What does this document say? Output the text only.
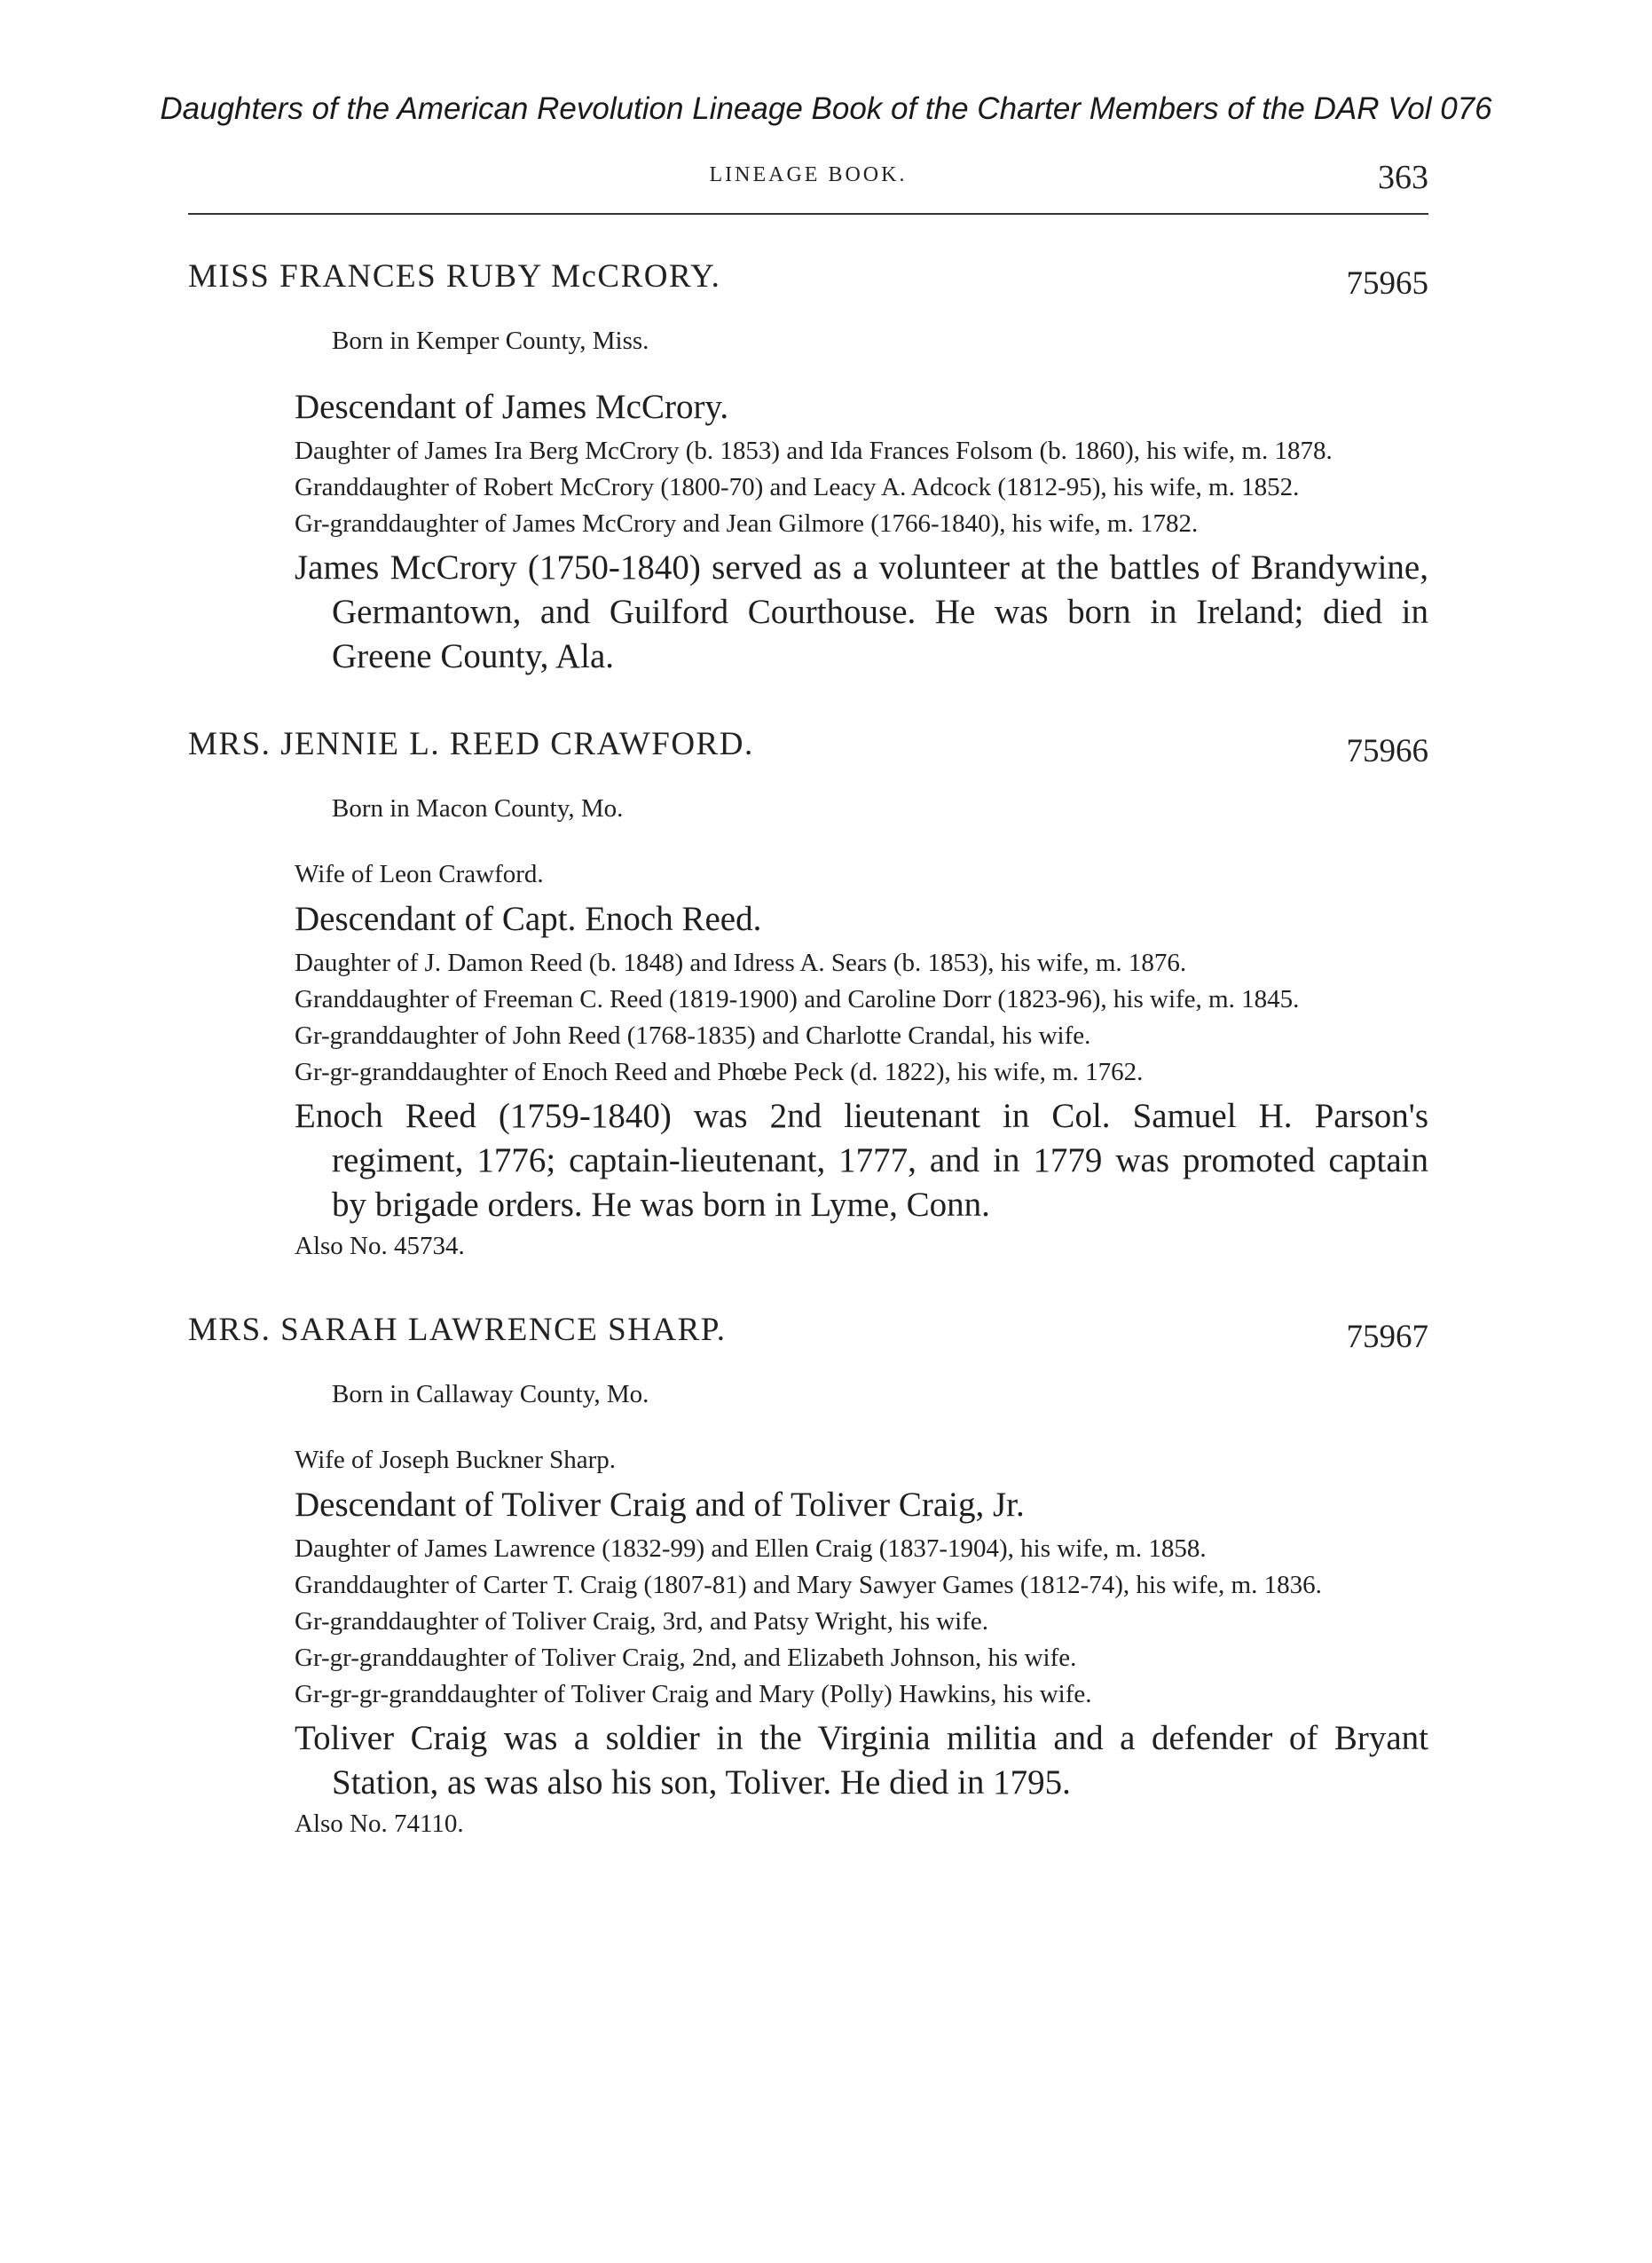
Daughters of the American Revolution Lineage Book of the Charter Members of the DAR Vol 076
LINEAGE BOOK.	363
MISS FRANCES RUBY McCRORY.	75965
Born in Kemper County, Miss.
Descendant of James McCrory.
Daughter of James Ira Berg McCrory (b. 1853) and Ida Frances Folsom (b. 1860), his wife, m. 1878.
Granddaughter of Robert McCrory (1800-70) and Leacy A. Adcock (1812-95), his wife, m. 1852.
Gr-granddaughter of James McCrory and Jean Gilmore (1766-1840), his wife, m. 1782.
James McCrory (1750-1840) served as a volunteer at the battles of Brandywine, Germantown, and Guilford Courthouse. He was born in Ireland; died in Greene County, Ala.
MRS. JENNIE L. REED CRAWFORD.	75966
Born in Macon County, Mo.
Wife of Leon Crawford.
Descendant of Capt. Enoch Reed.
Daughter of J. Damon Reed (b. 1848) and Idress A. Sears (b. 1853), his wife, m. 1876.
Granddaughter of Freeman C. Reed (1819-1900) and Caroline Dorr (1823-96), his wife, m. 1845.
Gr-granddaughter of John Reed (1768-1835) and Charlotte Crandal, his wife.
Gr-gr-granddaughter of Enoch Reed and Phœbe Peck (d. 1822), his wife, m. 1762.
Enoch Reed (1759-1840) was 2nd lieutenant in Col. Samuel H. Parson's regiment, 1776; captain-lieutenant, 1777, and in 1779 was promoted captain by brigade orders. He was born in Lyme, Conn.
Also No. 45734.
MRS. SARAH LAWRENCE SHARP.	75967
Born in Callaway County, Mo.
Wife of Joseph Buckner Sharp.
Descendant of Toliver Craig and of Toliver Craig, Jr.
Daughter of James Lawrence (1832-99) and Ellen Craig (1837-1904), his wife, m. 1858.
Granddaughter of Carter T. Craig (1807-81) and Mary Sawyer Games (1812-74), his wife, m. 1836.
Gr-granddaughter of Toliver Craig, 3rd, and Patsy Wright, his wife.
Gr-gr-granddaughter of Toliver Craig, 2nd, and Elizabeth Johnson, his wife.
Gr-gr-gr-granddaughter of Toliver Craig and Mary (Polly) Hawkins, his wife.
Toliver Craig was a soldier in the Virginia militia and a defender of Bryant Station, as was also his son, Toliver. He died in 1795.
Also No. 74110.
